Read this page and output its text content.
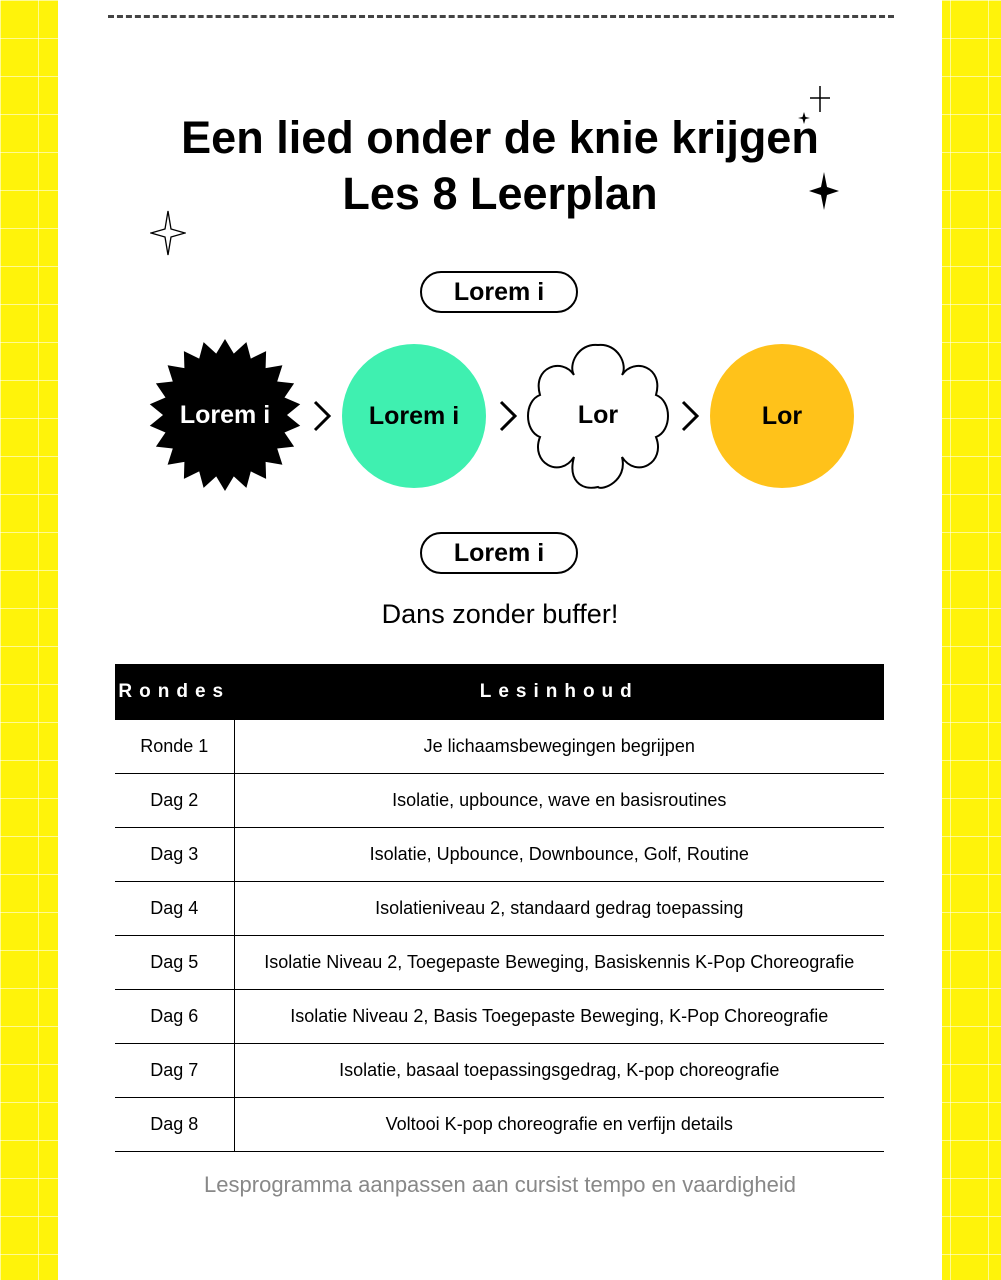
Een lied onder de knie krijgen
Les 8 Leerplan
Lorem i
Lorem i	Lorem i	Lor	Lor
Lorem i
Dans zonder buffer!
Rondes	Lesinhoud
Ronde 1	Je lichaamsbewegingen begrijpen
Dag 2	Isolatie, upbounce, wave en basisroutines
Dag 3	Isolatie, Upbounce, Downbounce, Golf, Routine
Dag 4	Isolatieniveau 2, standaard gedrag toepassing
Dag 5	Isolatie Niveau 2, Toegepaste Beweging, Basiskennis K-Pop Choreografie
Dag 6	Isolatie Niveau 2, Basis Toegepaste Beweging, K-Pop Choreografie
Dag 7	Isolatie, basaal toepassingsgedrag, K-pop choreografie
Dag 8	Voltooi K-pop choreografie en verfijn details
Lesprogramma aanpassen aan cursist tempo en vaardigheid
